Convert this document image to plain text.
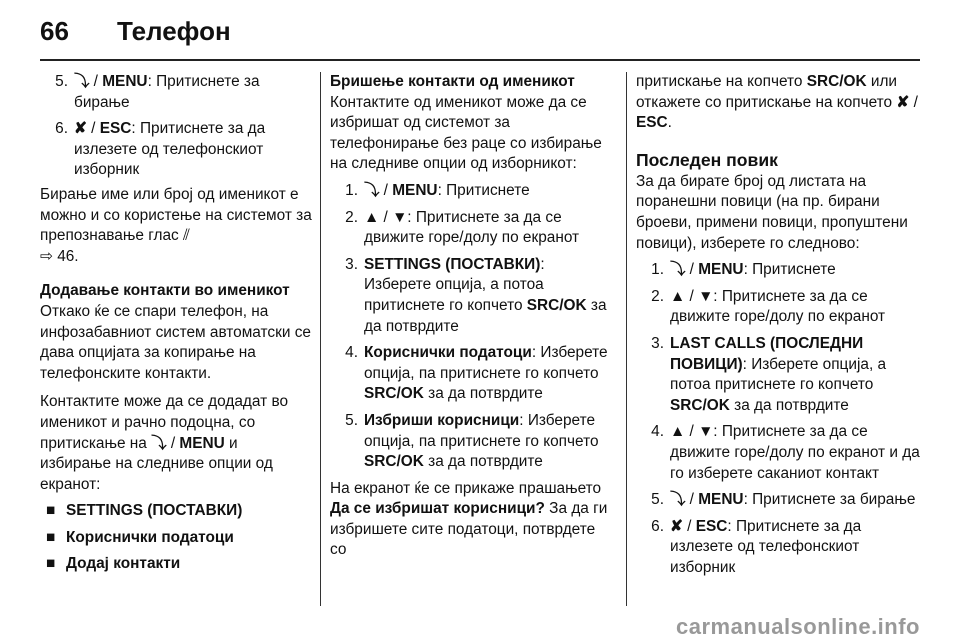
66 Телефон
5. ⤵ / MENU: Притиснете за бирање
6. ✘ / ESC: Притиснете за да излезете од телефонскиот изборник

Бирање име или број од именикот е можно и со користење на системот за препознавање глас ⫽
⇨ 46.

Додавање контакти во именикот

Откако ќе се спари телефон, на инфозабавниот систем автоматски се дава опцијата за копирање на телефонските контакти.

Контактите може да се додадат во именикот и рачно подоцна, со притискање на ⤵ / MENU и избирање на следниве опции од екранот:

■ SETTINGS (ПОСТАВКИ)
■ Кориснички податоци
■ Додај контакти
Бришење контакти од именикот

Контактите од именикот може да се избришат од системот за телефонирање без раце со избирање на следниве опции од изборникот:

1. ⤵ / MENU: Притиснете
2. ▲ / ▼: Притиснете за да се движите горе/долу по екранот
3. SETTINGS (ПОСТАВКИ): Изберете опција, а потоа притиснете го копчето SRC/OK за да потврдите
4. Кориснички податоци: Изберете опција, па притиснете го копчето SRC/OK за да потврдите
5. Избриши корисници: Изберете опција, па притиснете го копчето SRC/OK за да потврдите

На екранот ќе се прикаже прашањето Да се избришат корисници? За да ги избришете сите податоци, потврдете со

притискање на копчето SRC/OK или откажете со притискање на копчето ✘ / ESC.

Последен повик

За да бирате број од листата на поранешни повици (на пр. бирани броеви, примени повици, пропуштени повици), изберете го следново:

1. ⤵ / MENU: Притиснете
2. ▲ / ▼: Притиснете за да се движите горе/долу по екранот
3. LAST CALLS (ПОСЛЕДНИ ПОВИЦИ): Изберете опција, а потоа притиснете го копчето SRC/OK за да потврдите
4. ▲ / ▼: Притиснете за да се движите горе/долу по екранот и да го изберете саканиот контакт
5. ⤵ / MENU: Притиснете за бирање
6. ✘ / ESC: Притиснете за да излезете од телефонскиот изборник
carmanualsonline.info
